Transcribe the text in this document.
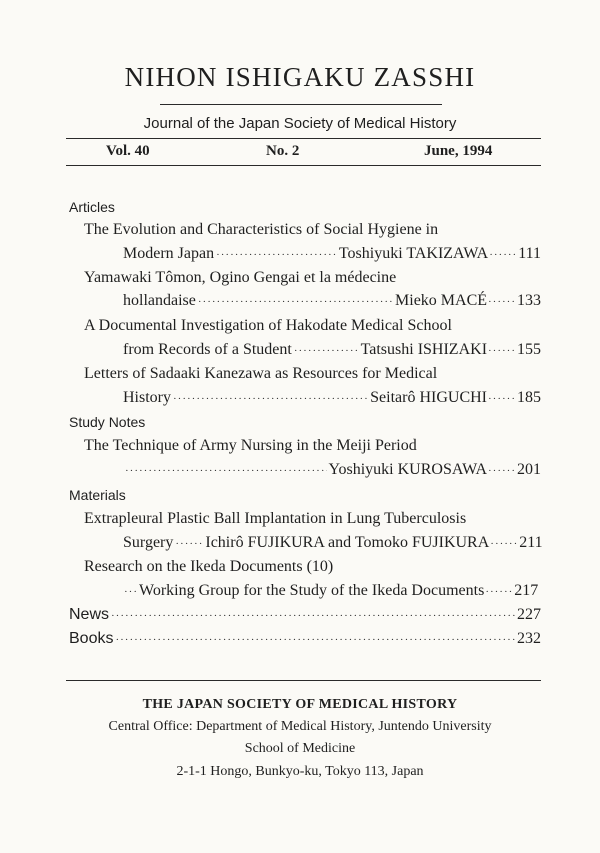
NIHON ISHIGAKU ZASSHI
Journal of the Japan Society of Medical History
Vol. 40	No. 2	June, 1994
Articles
The Evolution and Characteristics of Social Hygiene in
Modern Japan ·····	Toshiyuki TAKIZAWA ······ 111
Yamawaki Tômon, Ogino Gengai et la médecine
hollandaise ·····	Mieko MACÉ ······ 133
A Documental Investigation of Hakodate Medical School
from Records of a Student ·····	Tatsushi ISHIZAKI ······ 155
Letters of Sadaaki Kanezawa as Resources for Medical
History ·····	Seitarô HIGUCHI ······ 185
Study Notes
The Technique of Army Nursing in the Meiji Period
·····
Yoshiyuki KUROSAWA ······ 201
Materials
Extrapleural Plastic Ball Implantation in Lung Tuberculosis
Surgery ······ Ichirô FUJIKURA and Tomoko FUJIKURA ······ 211
Research on the Ikeda Documents (10)
··· Working Group for the Study of the Ikeda Documents ······ 217
News ·····	227
Books ·····	232
THE JAPAN SOCIETY OF MEDICAL HISTORY
Central Office: Department of Medical History, Juntendo University
School of Medicine
2-1-1 Hongo, Bunkyo-ku, Tokyo 113, Japan
